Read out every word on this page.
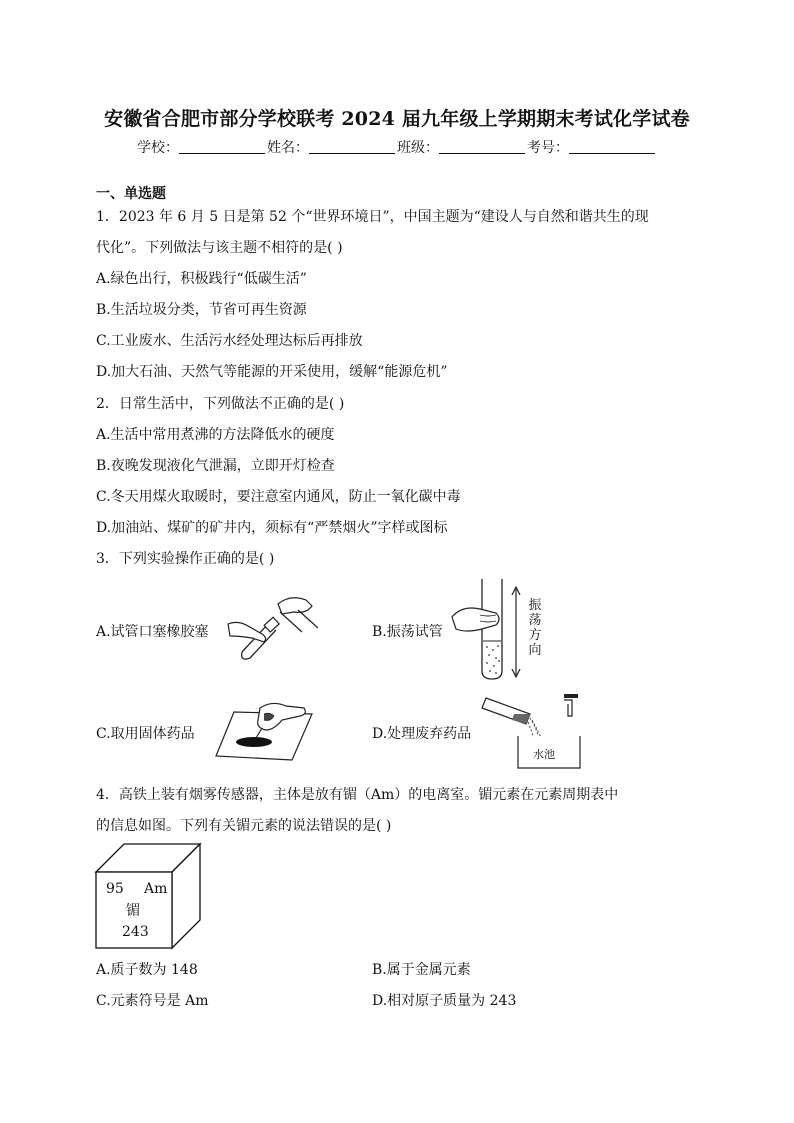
安徽省合肥市部分学校联考 2024 届九年级上学期期末考试化学试卷
学校：	姓名：	班级：	考号：
一、单选题
1．2023 年 6 月 5 日是第 52 个“世界环境日”，中国主题为“建设人与自然和谐共生的现
代化”。下列做法与该主题不相符的是( )
A.绿色出行，积极践行“低碳生活”
B.生活垃圾分类，节省可再生资源
C.工业废水、生活污水经处理达标后再排放
D.加大石油、天然气等能源的开采使用，缓解“能源危机”
2．日常生活中，下列做法不正确的是( )
A.生活中常用煮沸的方法降低水的硬度
B.夜晚发现液化气泄漏，立即开灯检查
C.冬天用煤火取暖时，要注意室内通风，防止一氧化碳中毒
D.加油站、煤矿的矿井内，须标有“严禁烟火”字样或图标
3．下列实验操作正确的是( )
A.试管口塞橡胶塞	B.振荡试管
振
荡
方
向
C.取用固体药品	D.处理废弃药品
水池
4．高铁上装有烟雾传感器，主体是放有镅（Am）的电离室。镅元素在元素周期表中
的信息如图。下列有关镅元素的说法错误的是( )
95 Am
镅
243
A.质子数为 148	B.属于金属元素
C.元素符号是 Am	D.相对原子质量为 243
